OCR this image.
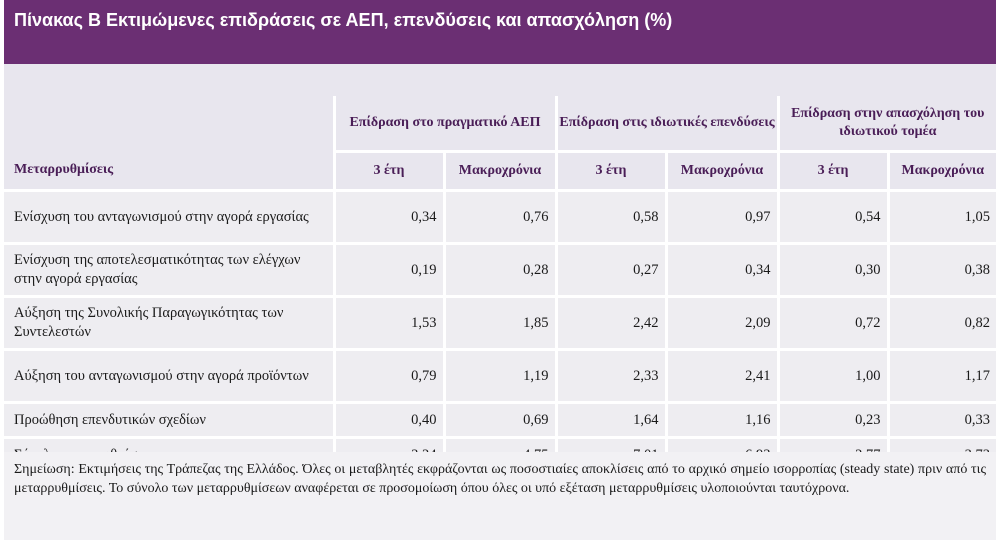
Πίνακας Β Εκτιμώμενες επιδράσεις σε ΑΕΠ, επενδύσεις και απασχόληση (%)
Μεταρρυθμίσεις	Επίδραση στο πραγματικό ΑΕΠ		Επίδραση στις ιδιωτικές επενδύσεις		Επίδραση στην απασχόληση του ιδιωτικού τομέα	
	3 έτη	Μακροχρόνια	3 έτη	Μακροχρόνια	3 έτη	Μακροχρόνια
Ενίσχυση του ανταγωνισμού στην αγορά εργασίας	0,34	0,76	0,58	0,97	0,54	1,05
Ενίσχυση της αποτελεσματικότητας των ελέγχων στην αγορά εργασίας	0,19	0,28	0,27	0,34	0,30	0,38
Αύξηση της Συνολικής Παραγωγικότητας των Συντελεστών	1,53	1,85	2,42	2,09	0,72	0,82
Αύξηση του ανταγωνισμού στην αγορά προϊόντων	0,79	1,19	2,33	2,41	1,00	1,17
Προώθηση επενδυτικών σχεδίων	0,40	0,69	1,64	1,16	0,23	0,33

Σημείωση: Εκτιμήσεις της Τράπεζας της Ελλάδος. Όλες οι μεταβλητές εκφράζονται ως ποσοστιαίες αποκλίσεις από το αρχικό σημείο ισορροπίας (steady state) πριν από τις μεταρρυθμίσεις. Το σύνολο των μεταρρυθμίσεων αναφέρεται σε προσομοίωση όπου όλες οι υπό εξέταση μεταρρυθμίσεις υλοποιούνται ταυτόχρονα.
